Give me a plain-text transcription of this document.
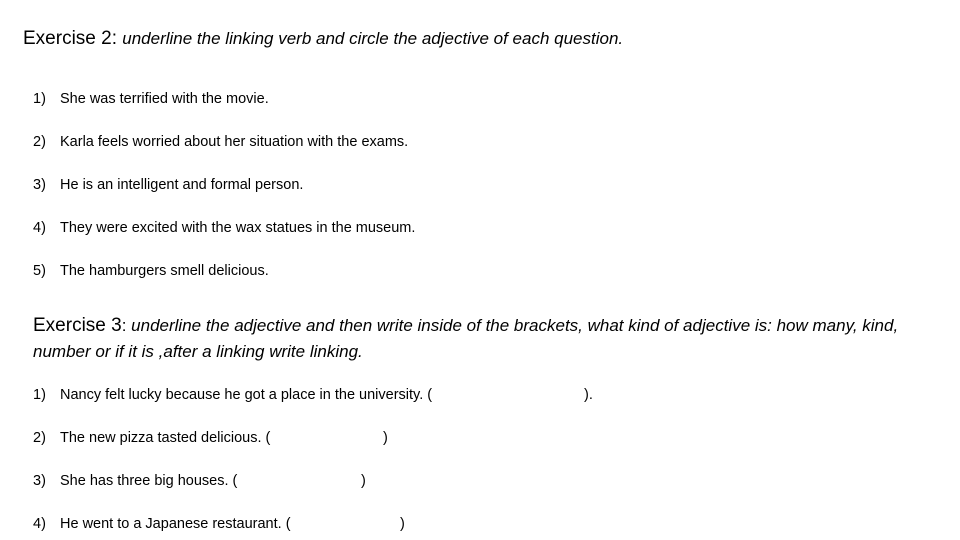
Exercise 2: underline the linking verb and circle the adjective of each question.
1) She was terrified with the movie.
2) Karla feels worried about her situation with the exams.
3) He is an intelligent and formal person.
4) They were excited with the wax statues in the museum.
5) The hamburgers smell delicious.
Exercise 3: underline the adjective and then write inside of the brackets, what kind of adjective is: how many, kind, number or if it is ,after a linking write linking.
1) Nancy felt lucky because he got a place in the university. (	).
2) The new pizza tasted delicious. (	)
3) She has three big houses. (	)
4) He went to a Japanese restaurant. (	)
